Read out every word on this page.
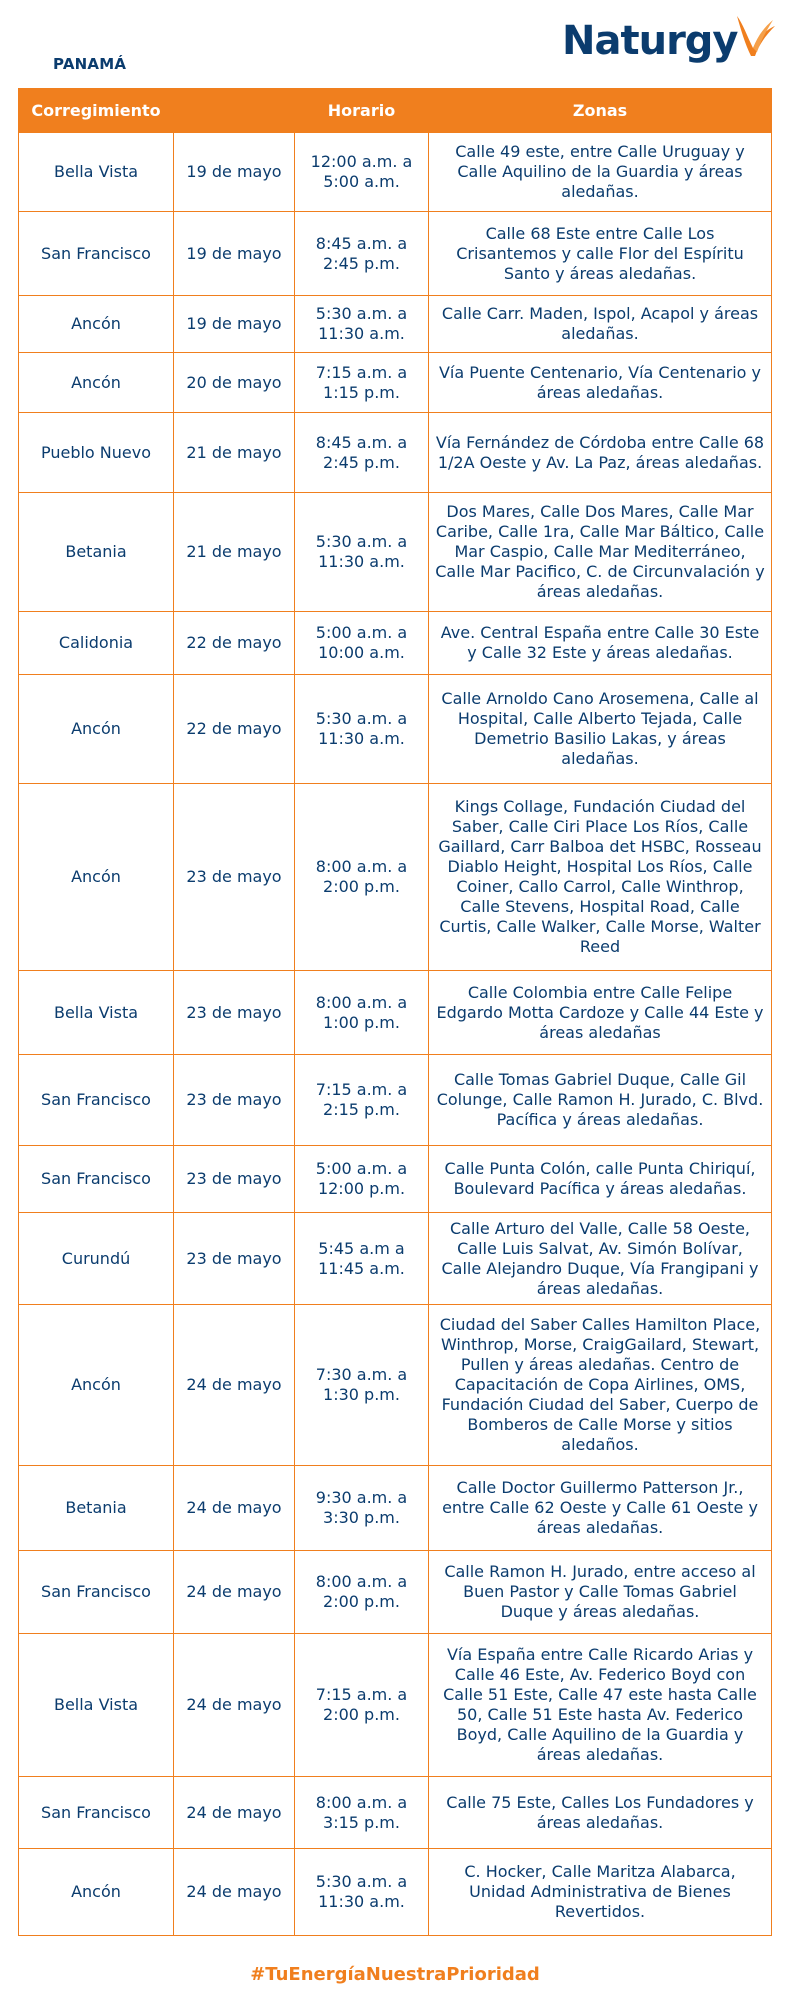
PANAMÁ	Naturgy
Corregimiento		Horario	Zonas
Bella Vista	19 de mayo	12:00 a.m. a 5:00 a.m.	Calle 49 este, entre Calle Uruguay y Calle Aquilino de la Guardia y áreas aledañas.
San Francisco	19 de mayo	8:45 a.m. a 2:45 p.m.	Calle 68 Este entre Calle Los Crisantemos y calle Flor del Espíritu Santo y áreas aledañas.
Ancón	19 de mayo	5:30 a.m. a 11:30 a.m.	Calle Carr. Maden, Ispol, Acapol y áreas aledañas.
Ancón	20 de mayo	7:15 a.m. a 1:15 p.m.	Vía Puente Centenario, Vía Centenario y áreas aledañas.
Pueblo Nuevo	21 de mayo	8:45 a.m. a 2:45 p.m.	Vía Fernández de Córdoba entre Calle 68 1/2A Oeste y Av. La Paz, áreas aledañas.
Betania	21 de mayo	5:30 a.m. a 11:30 a.m.	Dos Mares, Calle Dos Mares, Calle Mar Caribe, Calle 1ra, Calle Mar Báltico, Calle Mar Caspio, Calle Mar Mediterráneo, Calle Mar Pacifico, C. de Circunvalación y áreas aledañas.
Calidonia	22 de mayo	5:00 a.m. a 10:00 a.m.	Ave. Central España entre Calle 30 Este y Calle 32 Este y áreas aledañas.
Ancón	22 de mayo	5:30 a.m. a 11:30 a.m.	Calle Arnoldo Cano Arosemena, Calle al Hospital, Calle Alberto Tejada, Calle Demetrio Basilio Lakas, y áreas aledañas.
Ancón	23 de mayo	8:00 a.m. a 2:00 p.m.	Kings Collage, Fundación Ciudad del Saber, Calle Ciri Place Los Ríos, Calle Gaillard, Carr Balboa det HSBC, Rosseau Diablo Height, Hospital Los Ríos, Calle Coiner, Callo Carrol, Calle Winthrop, Calle Stevens, Hospital Road, Calle Curtis, Calle Walker, Calle Morse, Walter Reed
Bella Vista	23 de mayo	8:00 a.m. a 1:00 p.m.	Calle Colombia entre Calle Felipe Edgardo Motta Cardoze y Calle 44 Este y áreas aledañas
San Francisco	23 de mayo	7:15 a.m. a 2:15 p.m.	Calle Tomas Gabriel Duque, Calle Gil Colunge, Calle Ramon H. Jurado, C. Blvd. Pacífica y áreas aledañas.
San Francisco	23 de mayo	5:00 a.m. a 12:00 p.m.	Calle Punta Colón, calle Punta Chiriquí, Boulevard Pacífica y áreas aledañas.
Curundú	23 de mayo	5:45 a.m a 11:45 a.m.	Calle Arturo del Valle, Calle 58 Oeste, Calle Luis Salvat, Av. Simón Bolívar, Calle Alejandro Duque, Vía Frangipani y áreas aledañas.
Ancón	24 de mayo	7:30 a.m. a 1:30 p.m.	Ciudad del Saber Calles Hamilton Place, Winthrop, Morse, CraigGailard, Stewart, Pullen y áreas aledañas. Centro de Capacitación de Copa Airlines, OMS, Fundación Ciudad del Saber, Cuerpo de Bomberos de Calle Morse y sitios aledaños.
Betania	24 de mayo	9:30 a.m. a 3:30 p.m.	Calle Doctor Guillermo Patterson Jr., entre Calle 62 Oeste y Calle 61 Oeste y áreas aledañas.
San Francisco	24 de mayo	8:00 a.m. a 2:00 p.m.	Calle Ramon H. Jurado, entre acceso al Buen Pastor y Calle Tomas Gabriel Duque y áreas aledañas.
Bella Vista	24 de mayo	7:15 a.m. a 2:00 p.m.	Vía España entre Calle Ricardo Arias y Calle 46 Este, Av. Federico Boyd con Calle 51 Este, Calle 47 este hasta Calle 50, Calle 51 Este hasta Av. Federico Boyd, Calle Aquilino de la Guardia y áreas aledañas.
San Francisco	24 de mayo	8:00 a.m. a 3:15 p.m.	Calle 75 Este, Calles Los Fundadores y áreas aledañas.
Ancón	24 de mayo	5:30 a.m. a 11:30 a.m.	C. Hocker, Calle Maritza Alabarca, Unidad Administrativa de Bienes Revertidos.
#TuEnergíaNuestraPrioridad
